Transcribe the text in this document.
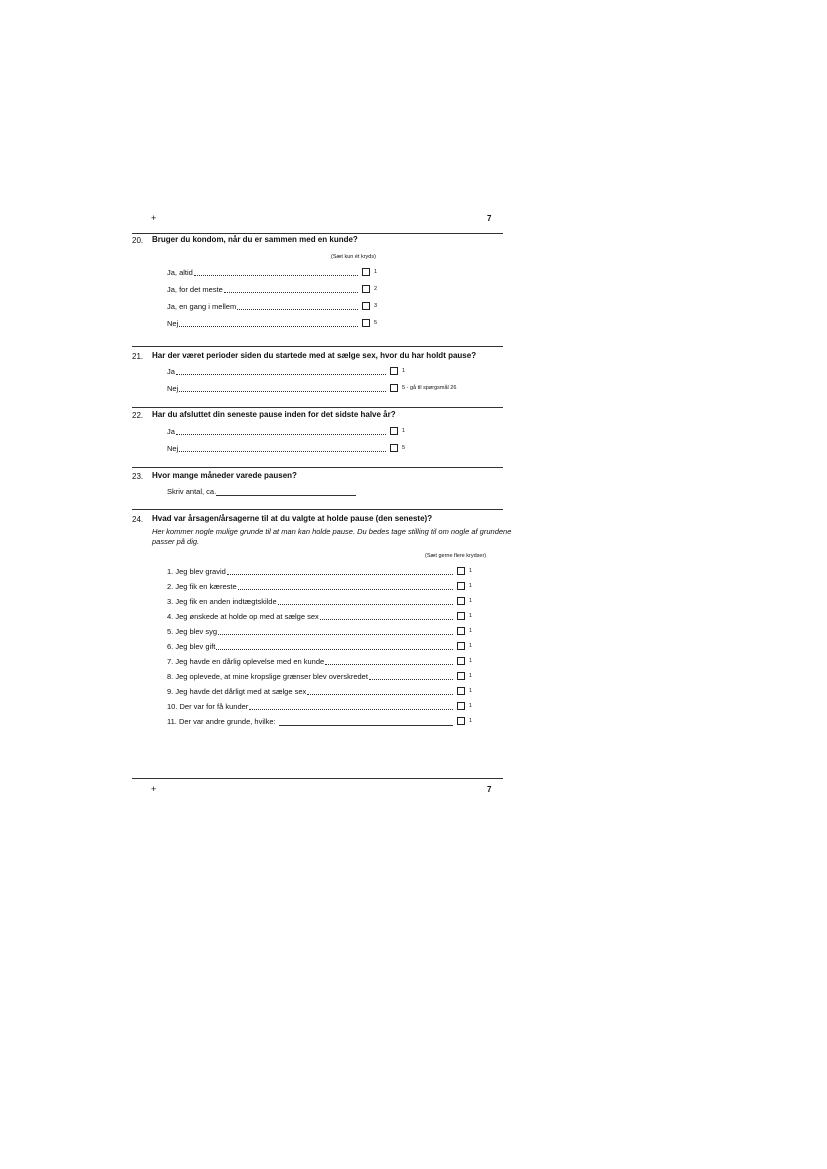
+	7
20. Bruger du kondom, når du er sammen med en kunde?
(Sæt kun ét kryds)
Ja, altid	1
Ja, for det meste	2
Ja, en gang i mellem	3
Nej	5
21. Har der været perioder siden du startede med at sælge sex, hvor du har holdt pause?
Ja	1
Nej	5 - gå til spørgsmål 26
22. Har du afsluttet din seneste pause inden for det sidste halve år?
Ja	1
Nej	5
23. Hvor mange måneder varede pausen?
Skriv antal, ca.
24. Hvad var årsagen/årsagerne til at du valgte at holde pause (den seneste)?
Her kommer nogle mulige grunde til at man kan holde pause. Du bedes tage stilling til om nogle af grundene passer på dig.
(Sæt gerne flere krydser)
1. Jeg blev gravid	1
2. Jeg fik en kæreste	1
3. Jeg fik en anden indtægtskilde	1
4. Jeg ønskede at holde op med at sælge sex	1
5. Jeg blev syg	1
6. Jeg blev gift	1
7. Jeg havde en dårlig oplevelse med en kunde	1
8. Jeg oplevede, at mine kropslige grænser blev overskredet	1
9. Jeg havde det dårligt med at sælge sex	1
10. Der var for få kunder	1
11. Der var andre grunde, hvilke:	1
+	7
